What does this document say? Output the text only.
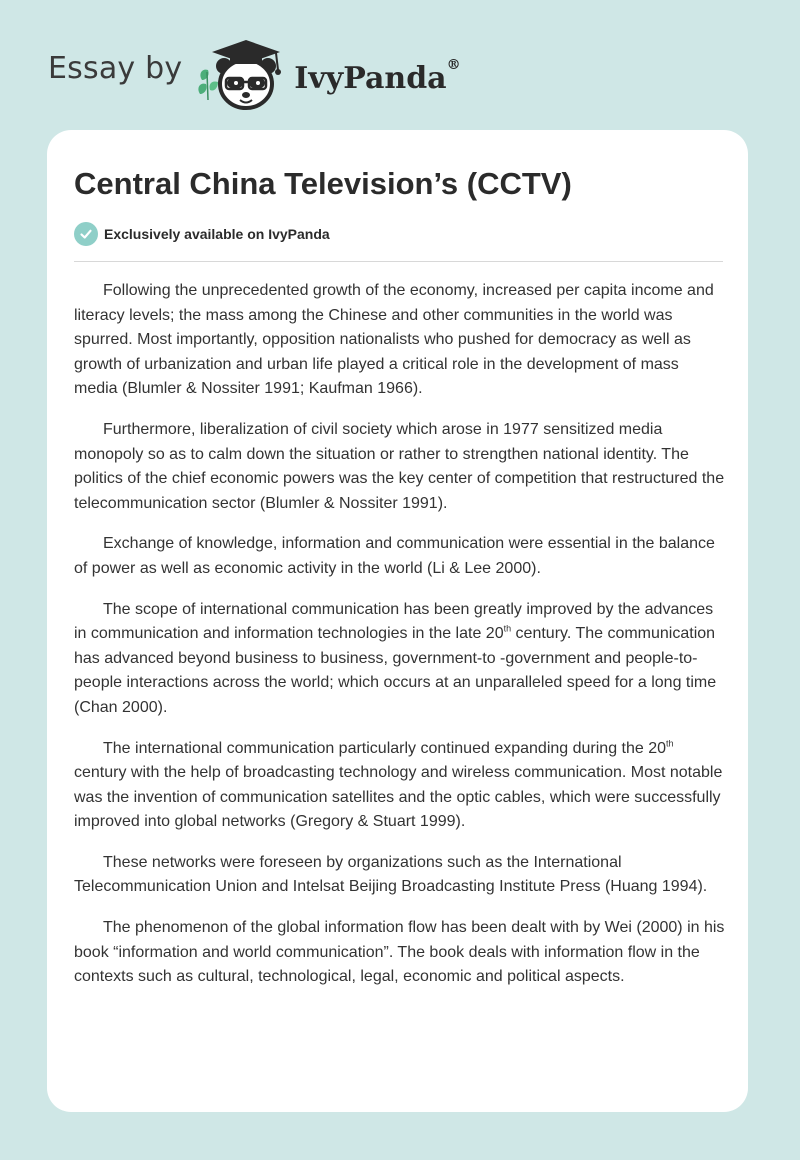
Essay by	IvyPanda®
Central China Television’s (CCTV)
Exclusively available on IvyPanda

Following the unprecedented growth of the economy, increased per capita income and literacy levels; the mass among the Chinese and other communities in the world was spurred. Most importantly, opposition nationalists who pushed for democracy as well as growth of urbanization and urban life played a critical role in the development of mass media (Blumler & Nossiter 1991; Kaufman 1966).

Furthermore, liberalization of civil society which arose in 1977 sensitized media monopoly so as to calm down the situation or rather to strengthen national identity. The politics of the chief economic powers was the key center of competition that restructured the telecommunication sector (Blumler & Nossiter 1991).

Exchange of knowledge, information and communication were essential in the balance of power as well as economic activity in the world (Li & Lee 2000).

The scope of international communication has been greatly improved by the advances in communication and information technologies in the late 20th century. The communication has advanced beyond business to business, government-to -government and people-to-people interactions across the world; which occurs at an unparalleled speed for a long time (Chan 2000).

The international communication particularly continued expanding during the 20th century with the help of broadcasting technology and wireless communication. Most notable was the invention of communication satellites and the optic cables, which were successfully improved into global networks (Gregory & Stuart 1999).

These networks were foreseen by organizations such as the International Telecommunication Union and Intelsat Beijing Broadcasting Institute Press (Huang 1994).

The phenomenon of the global information flow has been dealt with by Wei (2000) in his book “information and world communication”. The book deals with information flow in the contexts such as cultural, technological, legal, economic and political aspects.
